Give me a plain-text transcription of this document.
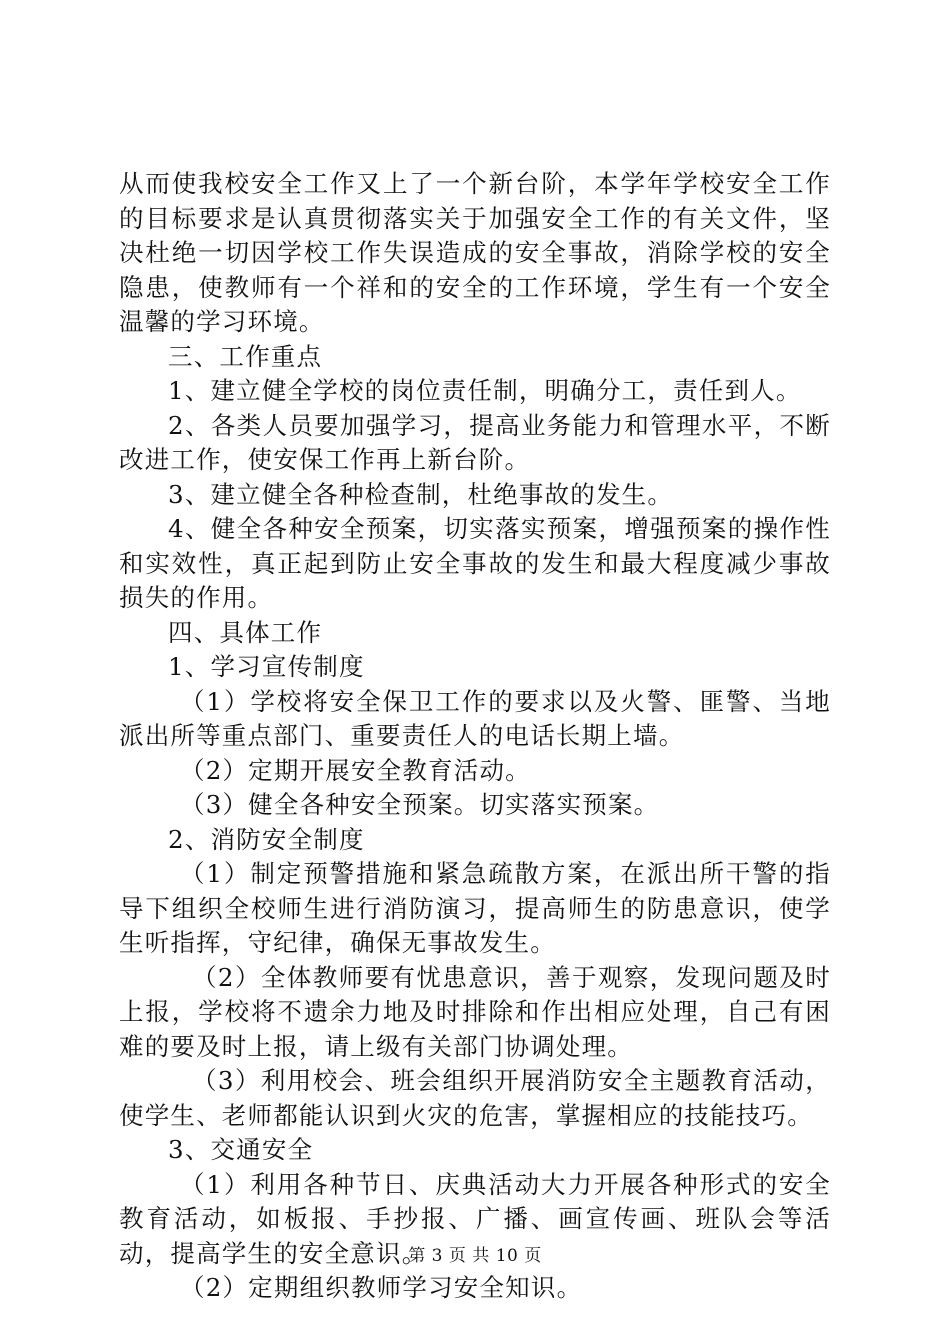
从而使我校安全工作又上了一个新台阶，本学年学校安全工作的目标要求是认真贯彻落实关于加强安全工作的有关文件，坚决杜绝一切因学校工作失误造成的安全事故，消除学校的安全隐患，使教师有一个祥和的安全的工作环境，学生有一个安全温馨的学习环境。

三、工作重点

1、建立健全学校的岗位责任制，明确分工，责任到人。

2、各类人员要加强学习，提高业务能力和管理水平，不断改进工作，使安保工作再上新台阶。

3、建立健全各种检查制，杜绝事故的发生。

4、健全各种安全预案，切实落实预案，增强预案的操作性和实效性，真正起到防止安全事故的发生和最大程度减少事故损失的作用。

四、具体工作

1、学习宣传制度

（1）学校将安全保卫工作的要求以及火警、匪警、当地派出所等重点部门、重要责任人的电话长期上墙。

（2）定期开展安全教育活动。

（3）健全各种安全预案。切实落实预案。

2、消防安全制度

（1）制定预警措施和紧急疏散方案，在派出所干警的指导下组织全校师生进行消防演习，提高师生的防患意识，使学生听指挥，守纪律，确保无事故发生。

（2）全体教师要有忧患意识，善于观察，发现问题及时上报，学校将不遗余力地及时排除和作出相应处理，自己有困难的要及时上报，请上级有关部门协调处理。

（3）利用校会、班会组织开展消防安全主题教育活动，使学生、老师都能认识到火灾的危害，掌握相应的技能技巧。

3、交通安全

（1）利用各种节日、庆典活动大力开展各种形式的安全教育活动，如板报、手抄报、广播、画宣传画、班队会等活动，提高学生的安全意识。

（2）定期组织教师学习安全知识。

第 3 页 共 10 页
